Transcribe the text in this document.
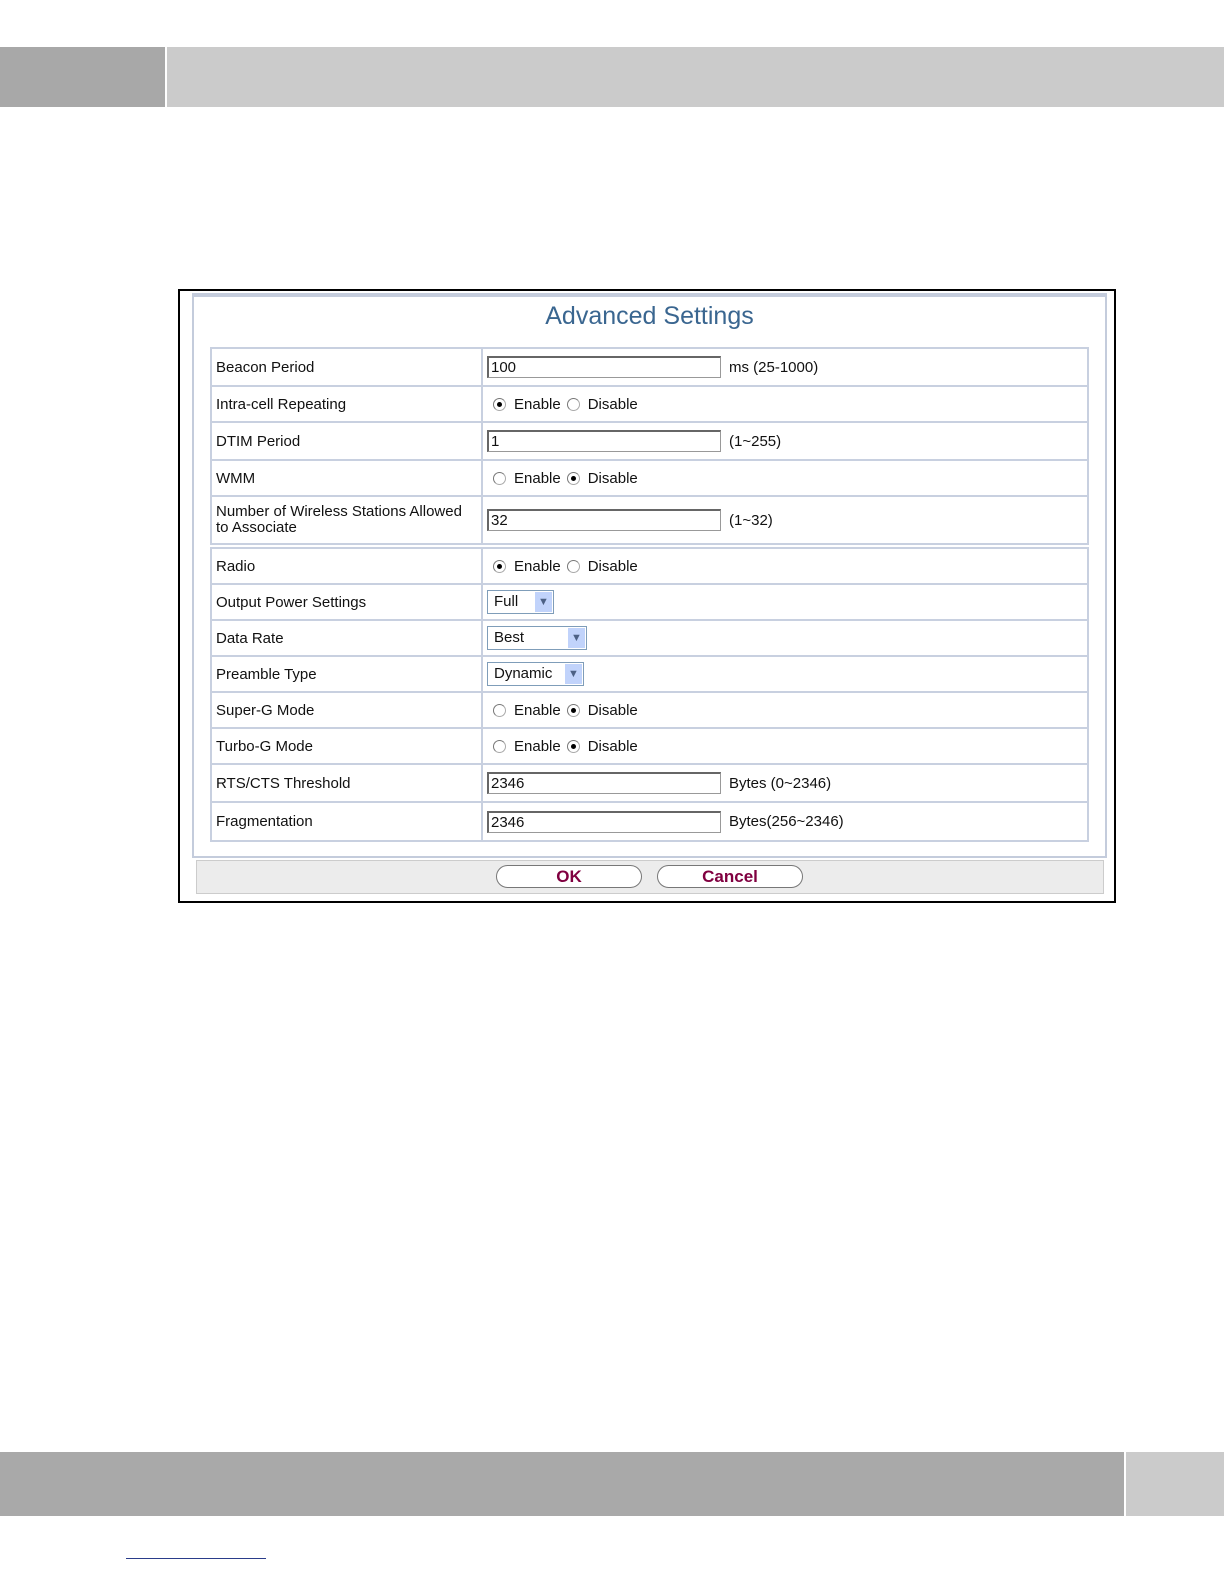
Advanced Settings
Beacon Period	100 ms (25-1000)
Intra-cell Repeating	Enable Disable
DTIM Period	1 (1~255)
WMM	Enable Disable
Number of Wireless Stations Allowed to Associate	32 (1~32)
Radio	Enable Disable
Output Power Settings	Full ▼

Data Rate	Best ▼

Preamble Type	Dynamic ▼

Super-G Mode	Enable Disable
Turbo-G Mode	Enable Disable
RTS/CTS Threshold	2346 Bytes (0~2346)
Fragmentation	2346 Bytes(256~2346)
OK	Cancel
